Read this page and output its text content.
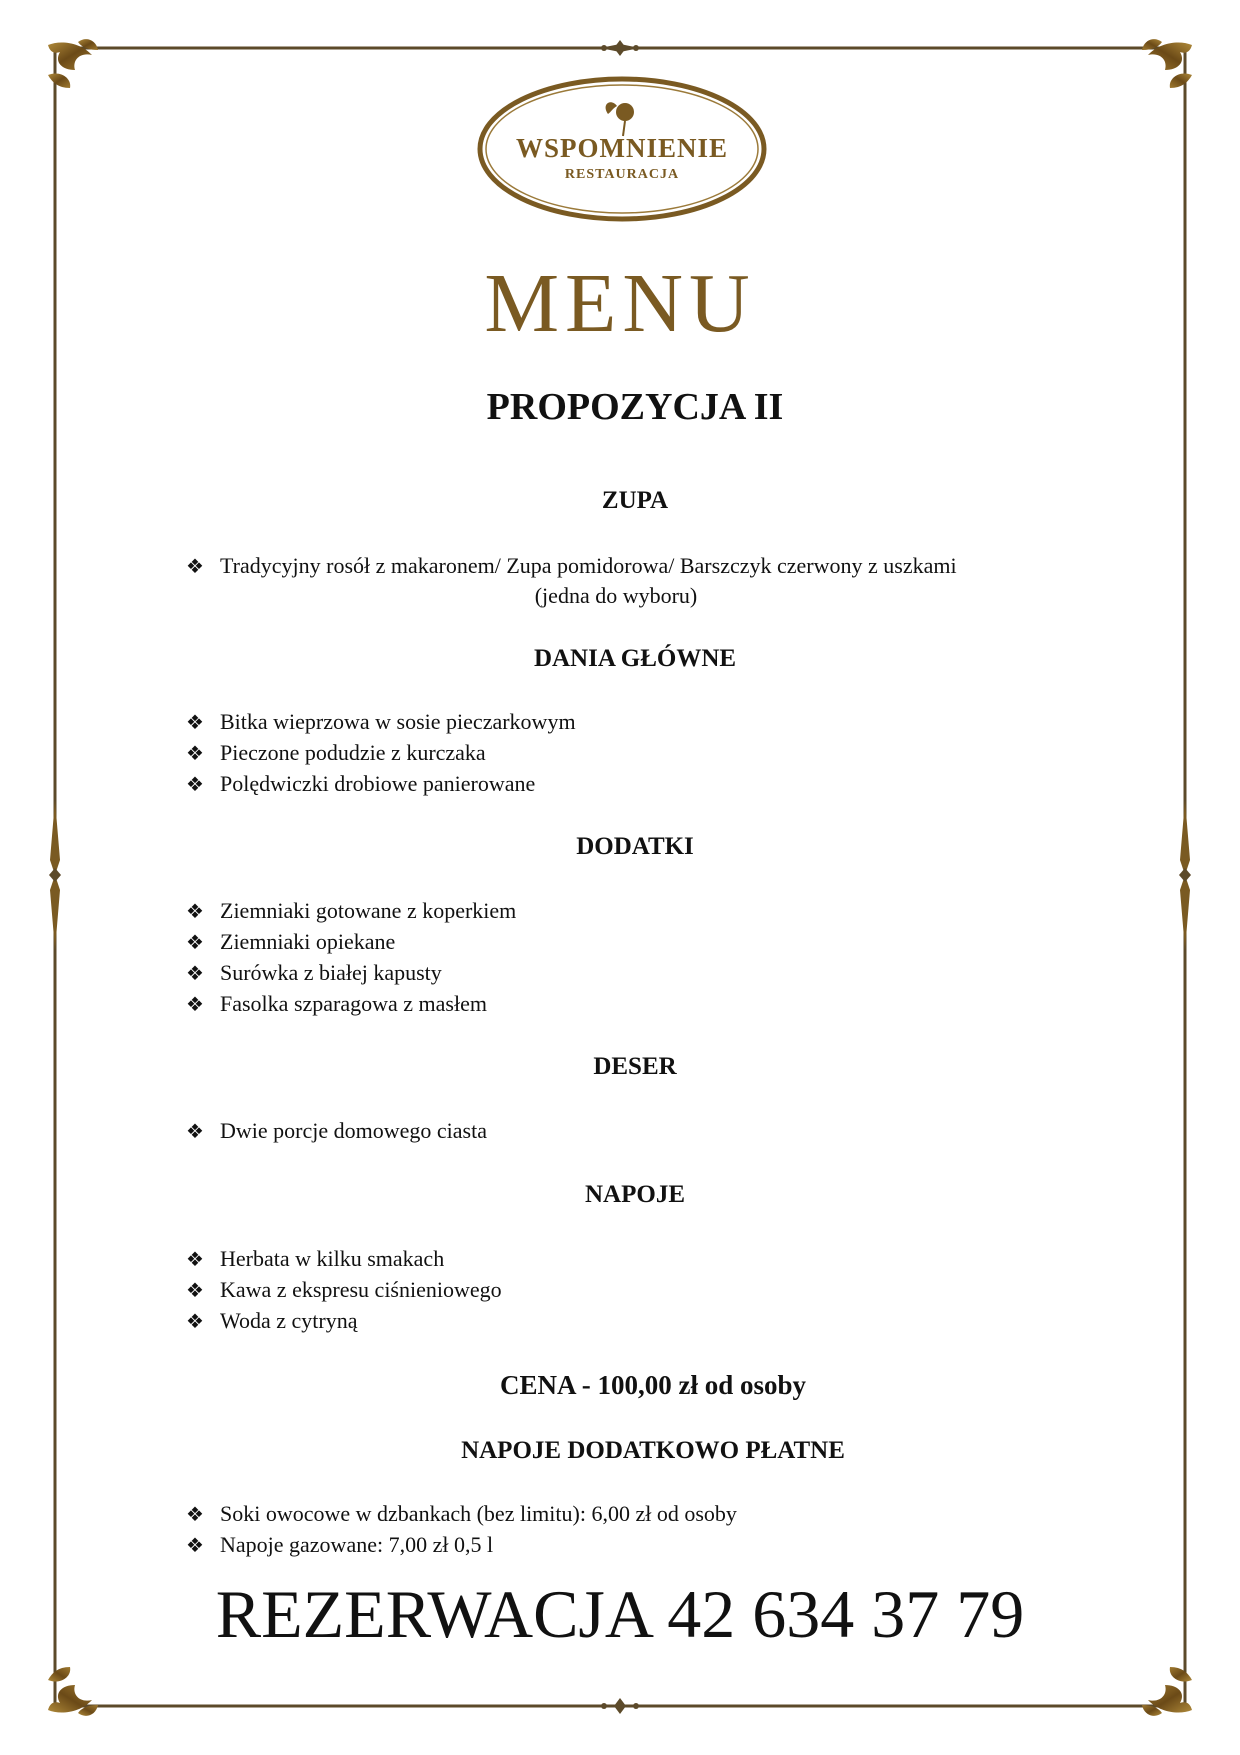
WSPOMNIENIE
RESTAURACJA
MENU
PROPOZYCJA II
ZUPA
❖ Tradycyjny rosół z makaronem/ Zupa pomidorowa/ Barszczyk czerwony z uszkami
(jedna do wyboru)
DANIA GŁÓWNE
❖ Bitka wieprzowa w sosie pieczarkowym
❖ Pieczone podudzie z kurczaka
❖ Polędwiczki drobiowe panierowane
DODATKI
❖ Ziemniaki gotowane z koperkiem
❖ Ziemniaki opiekane
❖ Surówka z białej kapusty
❖ Fasolka szparagowa z masłem
DESER
❖ Dwie porcje domowego ciasta
NAPOJE
❖ Herbata w kilku smakach
❖ Kawa z ekspresu ciśnieniowego
❖ Woda z cytryną
CENA - 100,00 zł od osoby
NAPOJE DODATKOWO PŁATNE
❖ Soki owocowe w dzbankach (bez limitu): 6,00 zł od osoby
❖ Napoje gazowane: 7,00 zł 0,5 l
REZERWACJA 42 634 37 79
